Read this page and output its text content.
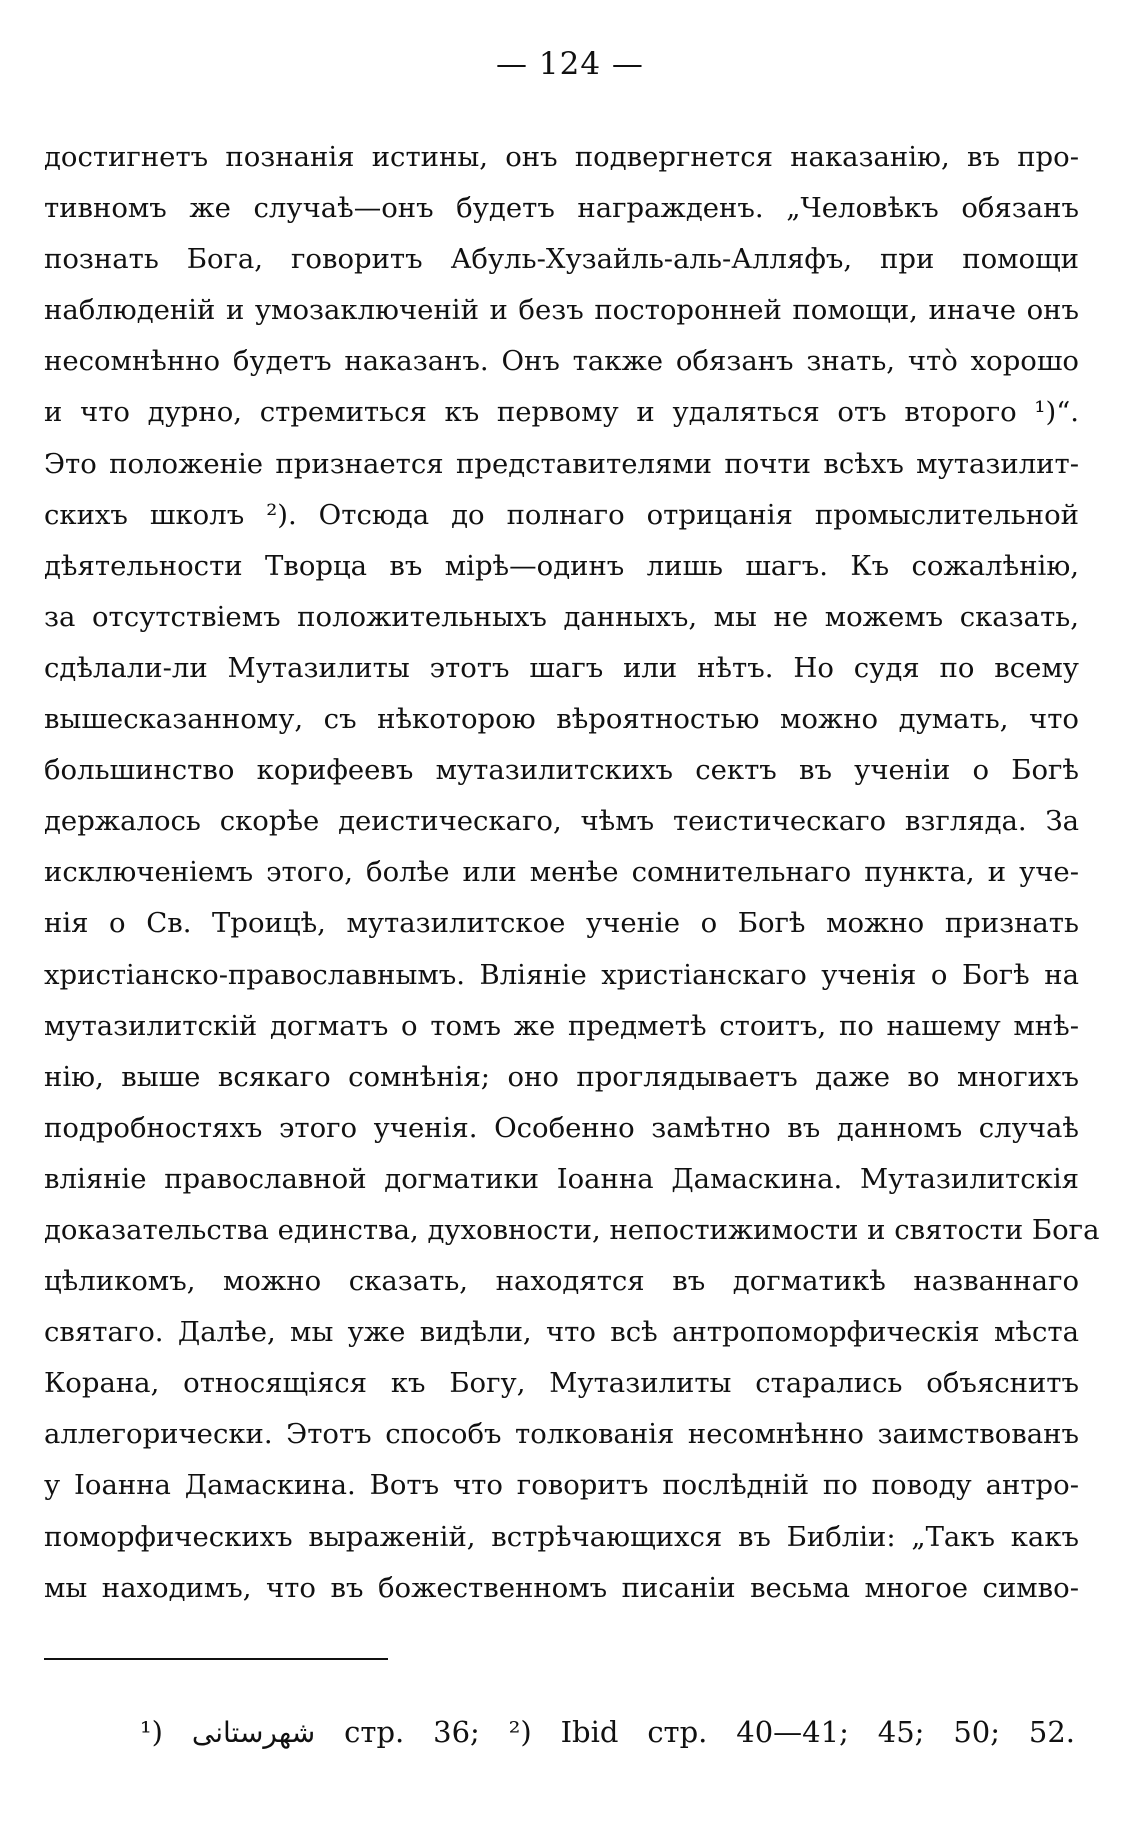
— 124 —
достигнетъ познанія истины, онъ подвергнется наказанію, въ про-
тивномъ же случаѣ—онъ будетъ награжденъ. „Человѣкъ обязанъ
познать Бога, говоритъ Абуль-Хузайль-аль-Алляфъ, при помощи
наблюденій и умозаключеній и безъ посторонней помощи, иначе онъ
несомнѣнно будетъ наказанъ. Онъ также обязанъ знать, что̀ хорошо
и что дурно, стремиться къ первому и удаляться отъ второго ¹)“.
Это положеніе признается представителями почти всѣхъ мутазилит-
скихъ школъ ²). Отсюда до полнаго отрицанія промыслительной
дѣятельности Творца въ мірѣ—одинъ лишь шагъ. Къ сожалѣнію,
за отсутствіемъ положительныхъ данныхъ, мы не можемъ сказать,
сдѣлали-ли Мутазилиты этотъ шагъ или нѣтъ. Но судя по всему
вышесказанному, съ нѣкоторою вѣроятностью можно думать, что
большинство корифеевъ мутазилитскихъ сектъ въ ученіи о Богѣ
держалось скорѣе деистическаго, чѣмъ теистическаго взгляда. За
исключеніемъ этого, болѣе или менѣе сомнительнаго пункта, и уче-
нія о Св. Троицѣ, мутазилитское ученіе о Богѣ можно признать
христіанско-православнымъ. Вліяніе христіанскаго ученія о Богѣ на
мутазилитскій догматъ о томъ же предметѣ стоитъ, по нашему мнѣ-
нію, выше всякаго сомнѣнія; оно проглядываетъ даже во многихъ
подробностяхъ этого ученія. Особенно замѣтно въ данномъ случаѣ
вліяніе православной догматики Іоанна Дамаскина. Мутазилитскія
доказательства единства, духовности, непостижимости и святости Бога
цѣликомъ, можно сказать, находятся въ догматикѣ названнаго
святаго. Далѣе, мы уже видѣли, что всѣ антропоморфическія мѣста
Корана, относящіяся къ Богу, Мутазилиты старались объяснитъ
аллегорически. Этотъ способъ толкованія несомнѣнно заимствованъ
у Іоанна Дамаскина. Вотъ что говоритъ послѣдній по поводу антро-
поморфическихъ выраженій, встрѣчающихся въ Библіи: „Такъ какъ
мы находимъ, что въ божественномъ писаніи весьма многое симво-
¹) شهرستانى стр. 36; ²) Ibid стр. 40—41; 45; 50; 52.
